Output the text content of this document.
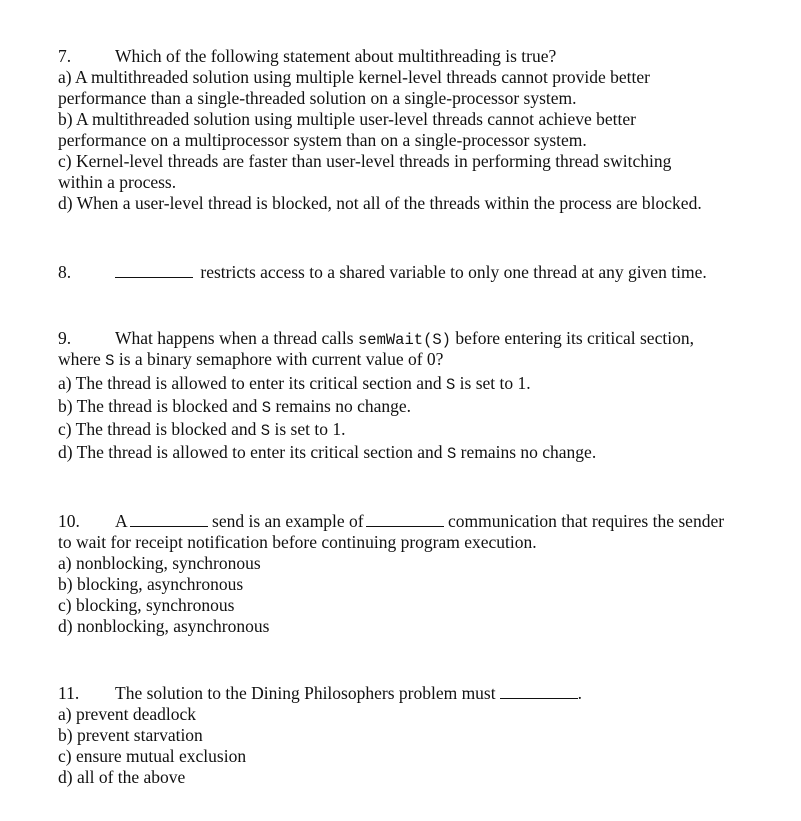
7.	Which of the following statement about multithreading is true?
a) A multithreaded solution using multiple kernel-level threads cannot provide better
performance than a single-threaded solution on a single-processor system.
b) A multithreaded solution using multiple user-level threads cannot achieve better
performance on a multiprocessor system than on a single-processor system.
c) Kernel-level threads are faster than user-level threads in performing thread switching
within a process.
d) When a user-level thread is blocked, not all of the threads within the process are blocked.
8.	restricts access to a shared variable to only one thread at any given time.
9.	What happens when a thread calls semWait(S) before entering its critical section,
where S is a binary semaphore with current value of 0?
a) The thread is allowed to enter its critical section and S is set to 1.
b) The thread is blocked and S remains no change.
c) The thread is blocked and S is set to 1.
d) The thread is allowed to enter its critical section and S remains no change.
10. A	send is an example of	communication that requires the sender
to wait for receipt notification before continuing program execution.
a) nonblocking, synchronous
b) blocking, asynchronous
c) blocking, synchronous
d) nonblocking, asynchronous
11. The solution to the Dining Philosophers problem must	.
a) prevent deadlock
b) prevent starvation
c) ensure mutual exclusion
d) all of the above
